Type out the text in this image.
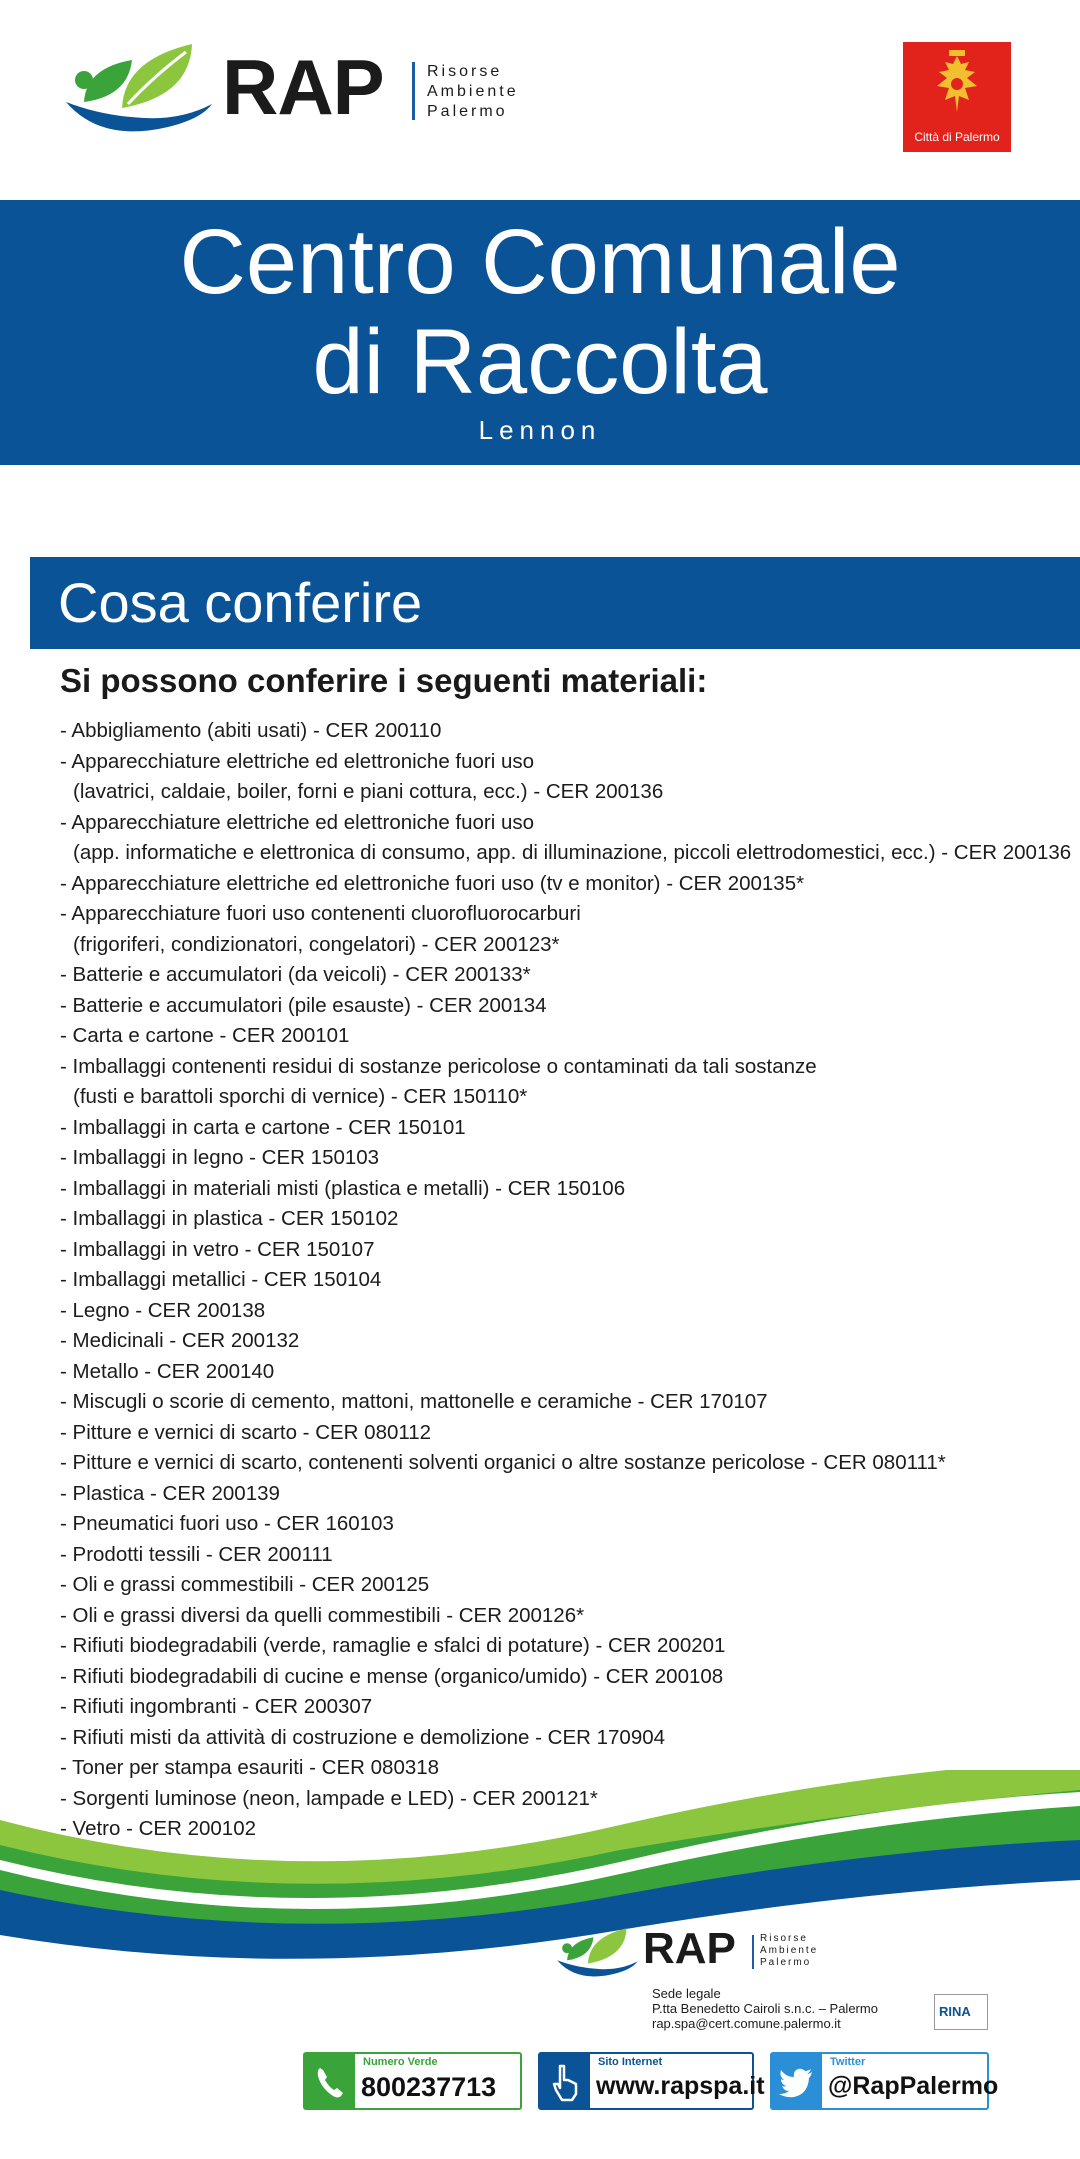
RAP	Risorse
Ambiente
Palermo
Città di Palermo
Centro Comunale
di Raccolta
Lennon
Cosa conferire
Si possono conferire i seguenti materiali:
- Abbigliamento (abiti usati) - CER 200110
- Apparecchiature elettriche ed elettroniche fuori uso
(lavatrici, caldaie, boiler, forni e piani cottura, ecc.) - CER 200136
- Apparecchiature elettriche ed elettroniche fuori uso
(app. informatiche e elettronica di consumo, app. di illuminazione, piccoli elettrodomestici, ecc.) - CER 200136
- Apparecchiature elettriche ed elettroniche fuori uso (tv e monitor) - CER 200135*
- Apparecchiature fuori uso contenenti cluorofluorocarburi
(frigoriferi, condizionatori, congelatori) - CER 200123*
- Batterie e accumulatori (da veicoli) - CER 200133*
- Batterie e accumulatori (pile esauste) - CER 200134
- Carta e cartone - CER 200101
- Imballaggi contenenti residui di sostanze pericolose o contaminati da tali sostanze
(fusti e barattoli sporchi di vernice) - CER 150110*
- Imballaggi in carta e cartone - CER 150101
- Imballaggi in legno - CER 150103
- Imballaggi in materiali misti (plastica e metalli) - CER 150106
- Imballaggi in plastica - CER 150102
- Imballaggi in vetro - CER 150107
- Imballaggi metallici - CER 150104
- Legno - CER 200138
- Medicinali - CER 200132
- Metallo - CER 200140
- Miscugli o scorie di cemento, mattoni, mattonelle e ceramiche - CER 170107
- Pitture e vernici di scarto - CER 080112
- Pitture e vernici di scarto, contenenti solventi organici o altre sostanze pericolose - CER 080111*
- Plastica - CER 200139
- Pneumatici fuori uso - CER 160103
- Prodotti tessili - CER 200111
- Oli e grassi commestibili - CER 200125
- Oli e grassi diversi da quelli commestibili - CER 200126*
- Rifiuti biodegradabili (verde, ramaglie e sfalci di potature) - CER 200201
- Rifiuti biodegradabili di cucine e mense (organico/umido) - CER 200108
- Rifiuti ingombranti - CER 200307
- Rifiuti misti da attività di costruzione e demolizione - CER 170904
- Toner per stampa esauriti - CER 080318
- Sorgenti luminose (neon, lampade e LED) - CER 200121*
- Vetro - CER 200102
RAP Risorse
Ambiente
Palermo
Sede legale
P.tta Benedetto Cairoli s.n.c. – Palermo
rap.spa@cert.comune.palermo.it
RINA
Numero Verde
800237713
Sito Internet
www.rapspa.it
Twitter
@RapPalermo
